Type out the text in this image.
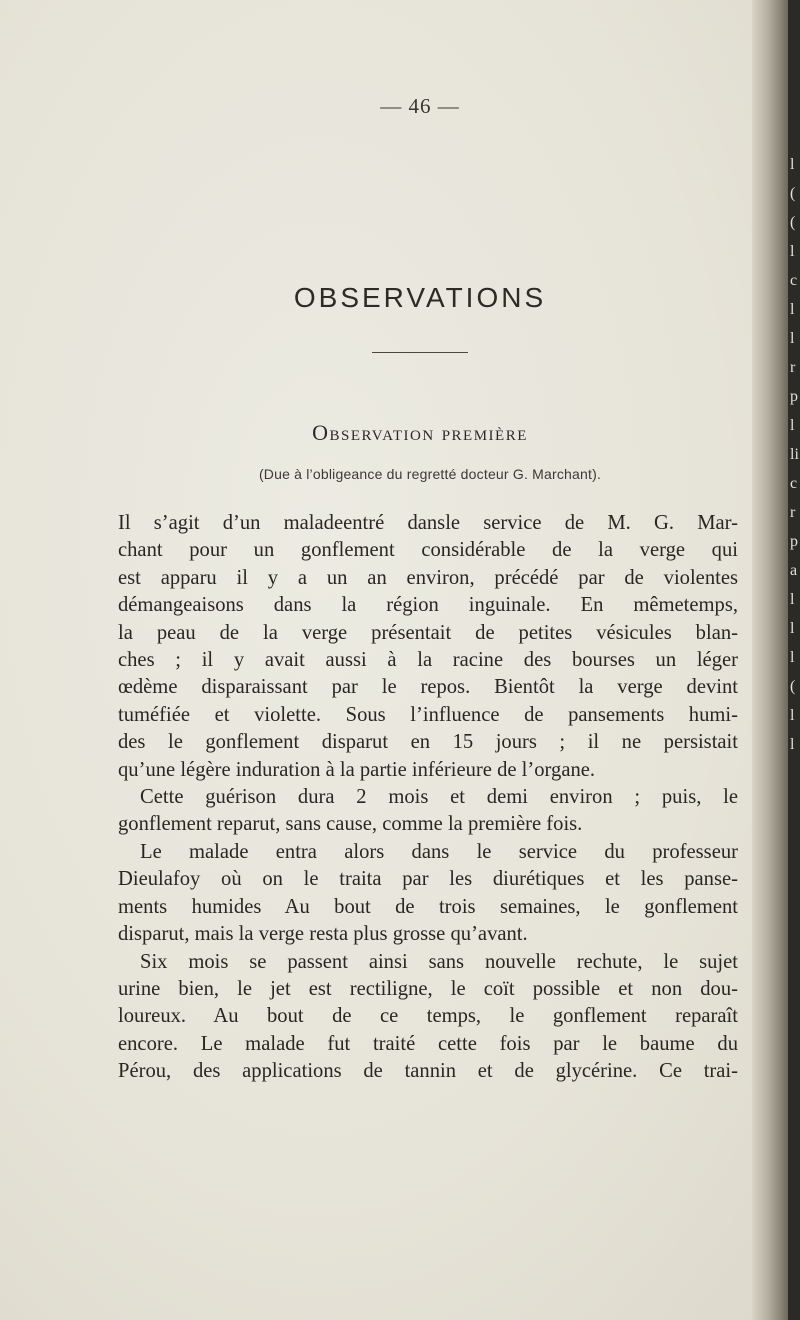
— 46 —
OBSERVATIONS
Observation première
(Due à l’obligeance du regretté docteur G. Marchant).
Il s’agit d’un maladeentré dansle service de M. G. Mar-
chant pour un gonflement considérable de la verge qui
est apparu il y a un an environ, précédé par de violentes
démangeaisons dans la région inguinale. En mêmetemps,
la peau de la verge présentait de petites vésicules blan-
ches ; il y avait aussi à la racine des bourses un léger
œdème disparaissant par le repos. Bientôt la verge devint
tuméfiée et violette. Sous l’influence de pansements humi-
des le gonflement disparut en 15 jours ; il ne persistait
qu’une légère induration à la partie inférieure de l’organe.
Cette guérison dura 2 mois et demi environ ; puis, le
gonflement reparut, sans cause, comme la première fois.
Le malade entra alors dans le service du professeur
Dieulafoy où on le traita par les diurétiques et les panse-
ments humides Au bout de trois semaines, le gonflement
disparut, mais la verge resta plus grosse qu’avant.
Six mois se passent ainsi sans nouvelle rechute, le sujet
urine bien, le jet est rectiligne, le coït possible et non dou-
loureux. Au bout de ce temps, le gonflement reparaît
encore. Le malade fut traité cette fois par le baume du
Pérou, des applications de tannin et de glycérine. Ce trai-
l
(
(
l
c
l
l
r
p
l
li
c
r
p
a
l
l
l
(
l
l
